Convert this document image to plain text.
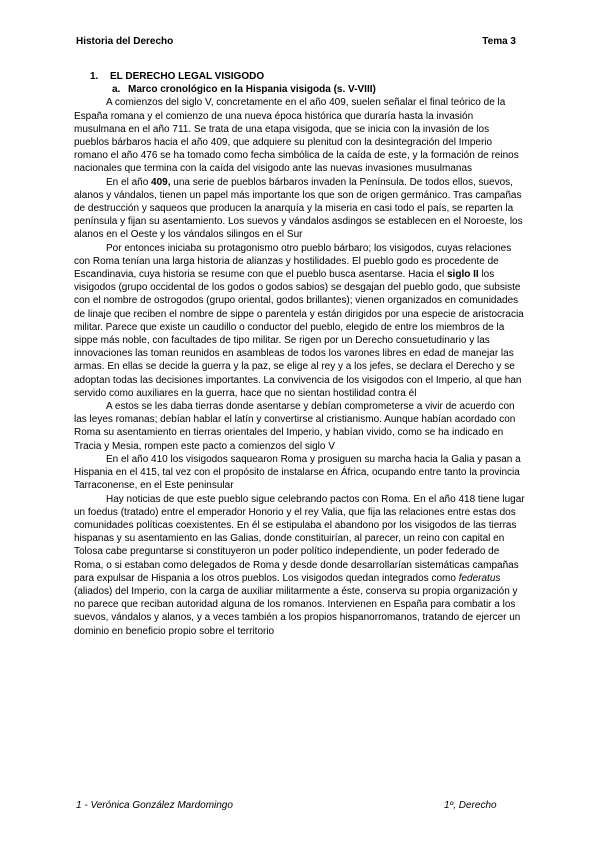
Historia del Derecho	Tema 3
1. EL DERECHO LEGAL VISIGODO
a. Marco cronológico en la Hispania visigoda (s. V-VIII)

A comienzos del siglo V, concretamente en el año 409, suelen señalar el final teórico de la España romana y el comienzo de una nueva época histórica que duraría hasta la invasión musulmana en el año 711. Se trata de una etapa visigoda, que se inicia con la invasión de los pueblos bárbaros hacia el año 409, que adquiere su plenitud con la desintegración del Imperio romano el año 476 se ha tomado como fecha simbólica de la caída de este, y la formación de reinos nacionales que termina con la caída del visigodo ante las nuevas invasiones musulmanas

En el año 409, una serie de pueblos bárbaros invaden la Península. De todos ellos, suevos, alanos y vándalos, tienen un papel más importante los que son de origen germánico. Tras campañas de destrucción y saqueos que producen la anarquía y la miseria en casi todo el país, se reparten la península y fijan su asentamiento. Los suevos y vándalos asdingos se establecen en el Noroeste, los alanos en el Oeste y los vándalos silingos en el Sur

Por entonces iniciaba su protagonismo otro pueblo bárbaro; los visigodos, cuyas relaciones con Roma tenían una larga historia de alianzas y hostilidades. El pueblo godo es procedente de Escandinavia, cuya historia se resume con que el pueblo busca asentarse. Hacia el siglo II los visigodos (grupo occidental de los godos o godos sabios) se desgajan del pueblo godo, que subsiste con el nombre de ostrogodos (grupo oriental, godos brillantes); vienen organizados en comunidades de linaje que reciben el nombre de sippe o parentela y están dirigidos por una especie de aristocracia militar. Parece que existe un caudillo o conductor del pueblo, elegido de entre los miembros de la sippe más noble, con facultades de tipo militar. Se rigen por un Derecho consuetudinario y las innovaciones las toman reunidos en asambleas de todos los varones libres en edad de manejar las armas. En ellas se decide la guerra y la paz, se elige al rey y a los jefes, se declara el Derecho y se adoptan todas las decisiones importantes. La convivencia de los visigodos con el Imperio, al que han servido como auxiliares en la guerra, hace que no sientan hostilidad contra él

A estos se les daba tierras donde asentarse y debían comprometerse a vivir de acuerdo con las leyes romanas; debían hablar el latín y convertirse al cristianismo. Aunque habían acordado con Roma su asentamiento en tierras orientales del Imperio, y habían vivido, como se ha indicado en Tracia y Mesia, rompen este pacto a comienzos del siglo V

En el año 410 los visigodos saquearon Roma y prosiguen su marcha hacia la Galia y pasan a Hispania en el 415, tal vez con el propósito de instalarse en África, ocupando entre tanto la provincia Tarraconense, en el Este peninsular

Hay noticias de que este pueblo sigue celebrando pactos con Roma. En el año 418 tiene lugar un foedus (tratado) entre el emperador Honorio y el rey Valia, que fija las relaciones entre estas dos comunidades políticas coexistentes. En él se estipulaba el abandono por los visigodos de las tierras hispanas y su asentamiento en las Galias, donde constituirían, al parecer, un reino con capital en Tolosa cabe preguntarse si constituyeron un poder político independiente, un poder federado de Roma, o si estaban como delegados de Roma y desde donde desarrollarían sistemáticas campañas para expulsar de Hispania a los otros pueblos. Los visigodos quedan integrados como federatus (aliados) del Imperio, con la carga de auxiliar militarmente a éste, conserva su propia organización y no parece que reciban autoridad alguna de los romanos. Intervienen en España para combatir a los suevos, vándalos y alanos, y a veces también a los propios hispanorromanos, tratando de ejercer un dominio en beneficio propio sobre el territorio

1 - Verónica González Mardomingo	1º, Derecho
